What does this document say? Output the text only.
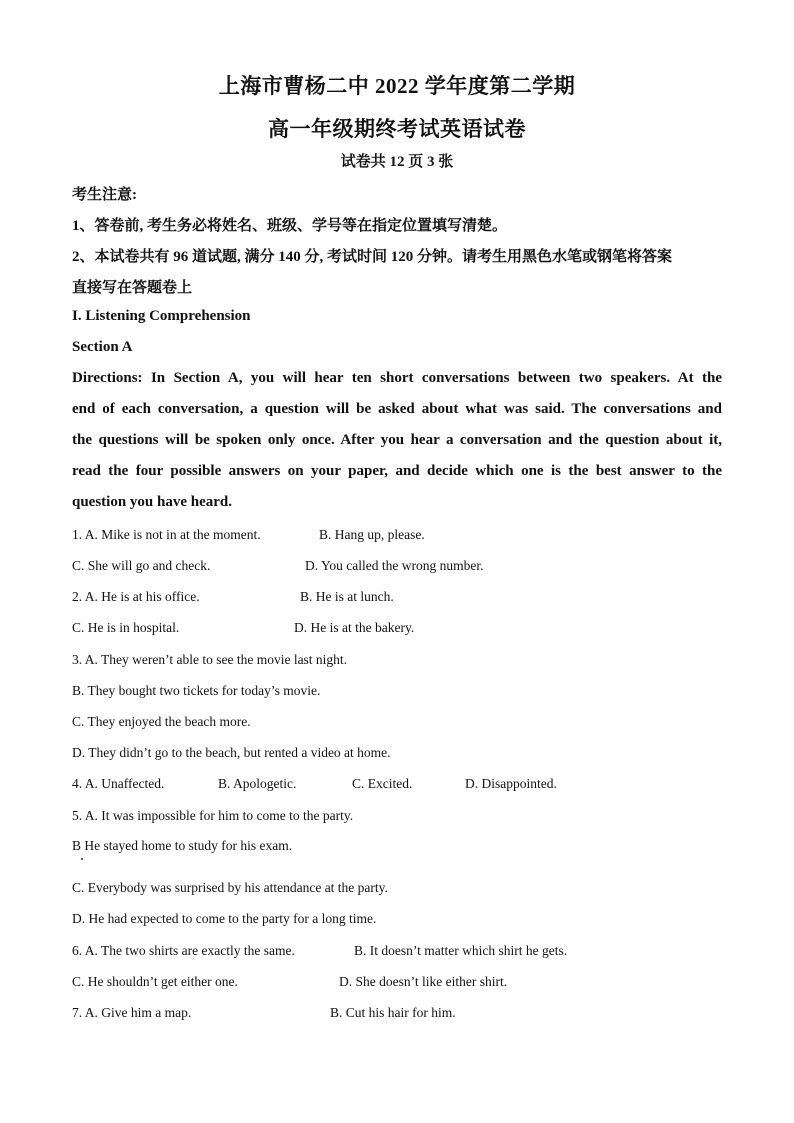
上海市曹杨二中 2022 学年度第二学期
高一年级期终考试英语试卷
试卷共 12 页 3 张
考生注意:
1、答卷前, 考生务必将姓名、班级、学号等在指定位置填写清楚。
2、本试卷共有 96 道试题, 满分 140 分, 考试时间 120 分钟。请考生用黑色水笔或钢笔将答案
直接写在答题卷上
I. Listening Comprehension
Section A
Directions: In Section A, you will hear ten short conversations between two speakers. At the
end of each conversation, a question will be asked about what was said. The conversations and
the questions will be spoken only once. After you hear a conversation and the question about it,
read the four possible answers on your paper, and decide which one is the best answer to the
question you have heard.
1. A. Mike is not in at the moment.	B. Hang up, please.
C. She will go and check.	D. You called the wrong number.
2. A. He is at his office.	B. He is at lunch.
C. He is in hospital.	D. He is at the bakery.
3. A. They weren’t able to see the movie last night.
B. They bought two tickets for today’s movie.
C. They enjoyed the beach more.
D. They didn’t go to the beach, but rented a video at home.
4. A. Unaffected.	B. Apologetic.	C. Excited.	D. Disappointed.
5. A. It was impossible for him to come to the party.
B He stayed home to study for his exam.
C. Everybody was surprised by his attendance at the party.
D. He had expected to come to the party for a long time.
6. A. The two shirts are exactly the same.	B. It doesn’t matter which shirt he gets.
C. He shouldn’t get either one.	D. She doesn’t like either shirt.
7. A. Give him a map.	B. Cut his hair for him.
